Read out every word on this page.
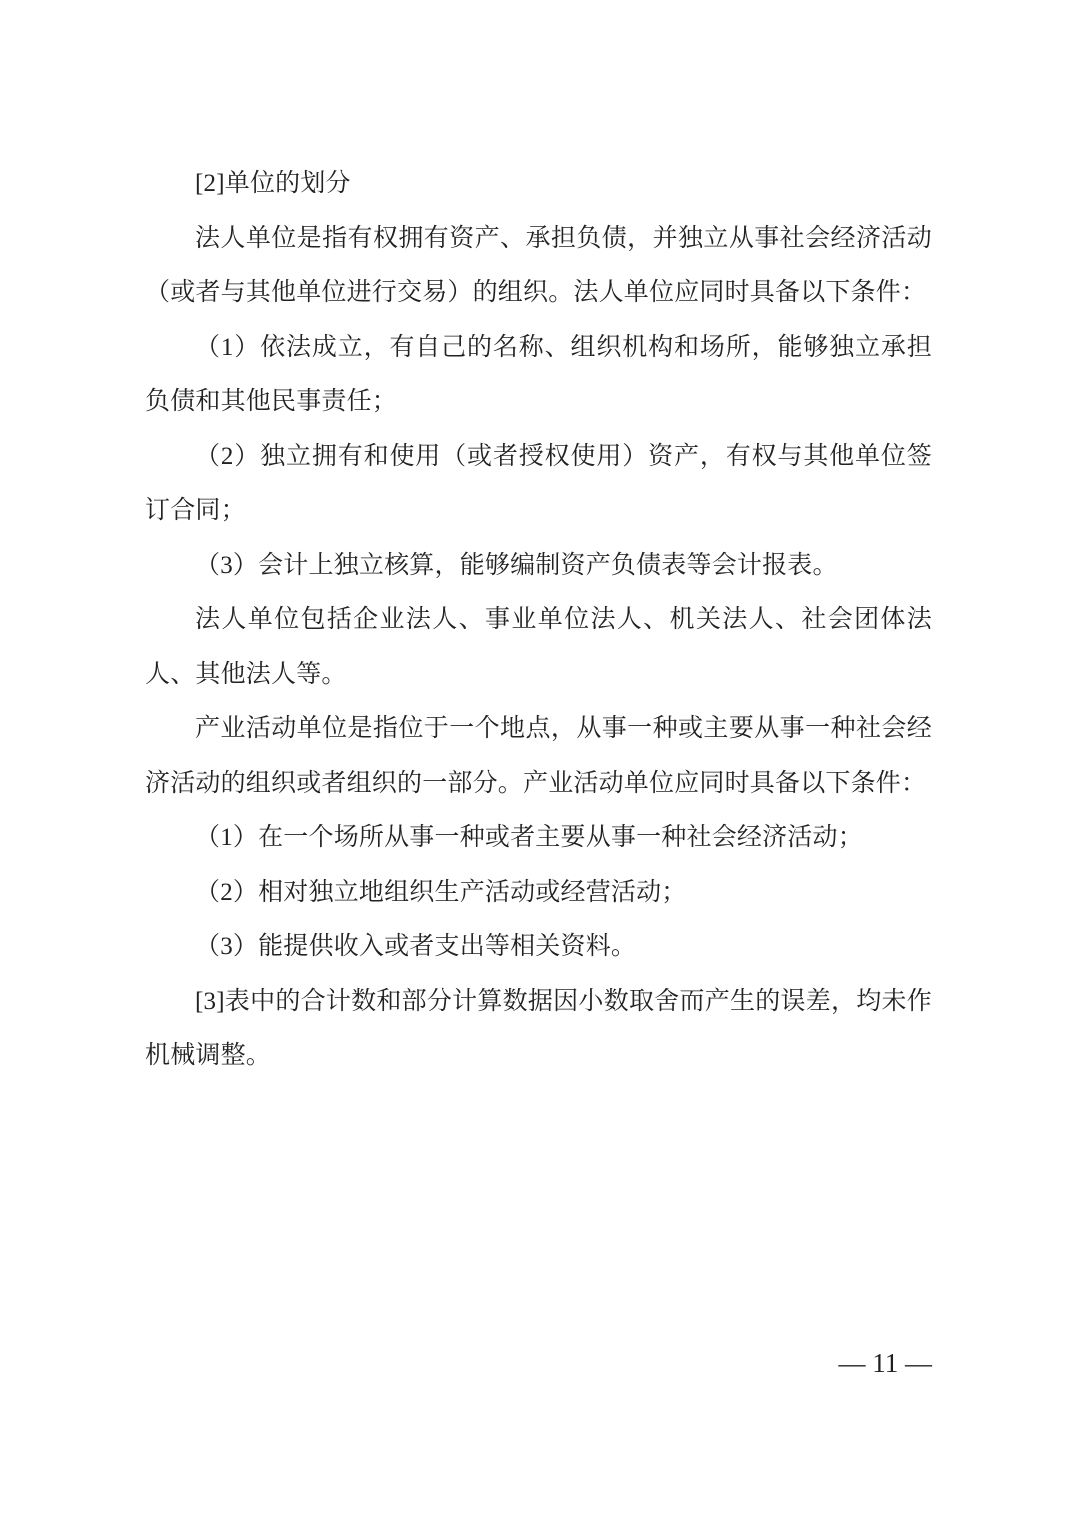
[2]单位的划分

法人单位是指有权拥有资产、承担负债，并独立从事社会经济活动（或者与其他单位进行交易）的组织。法人单位应同时具备以下条件：

（1）依法成立，有自己的名称、组织机构和场所，能够独立承担负债和其他民事责任；

（2）独立拥有和使用（或者授权使用）资产，有权与其他单位签订合同；

（3）会计上独立核算，能够编制资产负债表等会计报表。

法人单位包括企业法人、事业单位法人、机关法人、社会团体法人、其他法人等。

产业活动单位是指位于一个地点，从事一种或主要从事一种社会经济活动的组织或者组织的一部分。产业活动单位应同时具备以下条件：

（1）在一个场所从事一种或者主要从事一种社会经济活动；

（2）相对独立地组织生产活动或经营活动；

（3）能提供收入或者支出等相关资料。

[3]表中的合计数和部分计算数据因小数取舍而产生的误差，均未作机械调整。

— 11 —
